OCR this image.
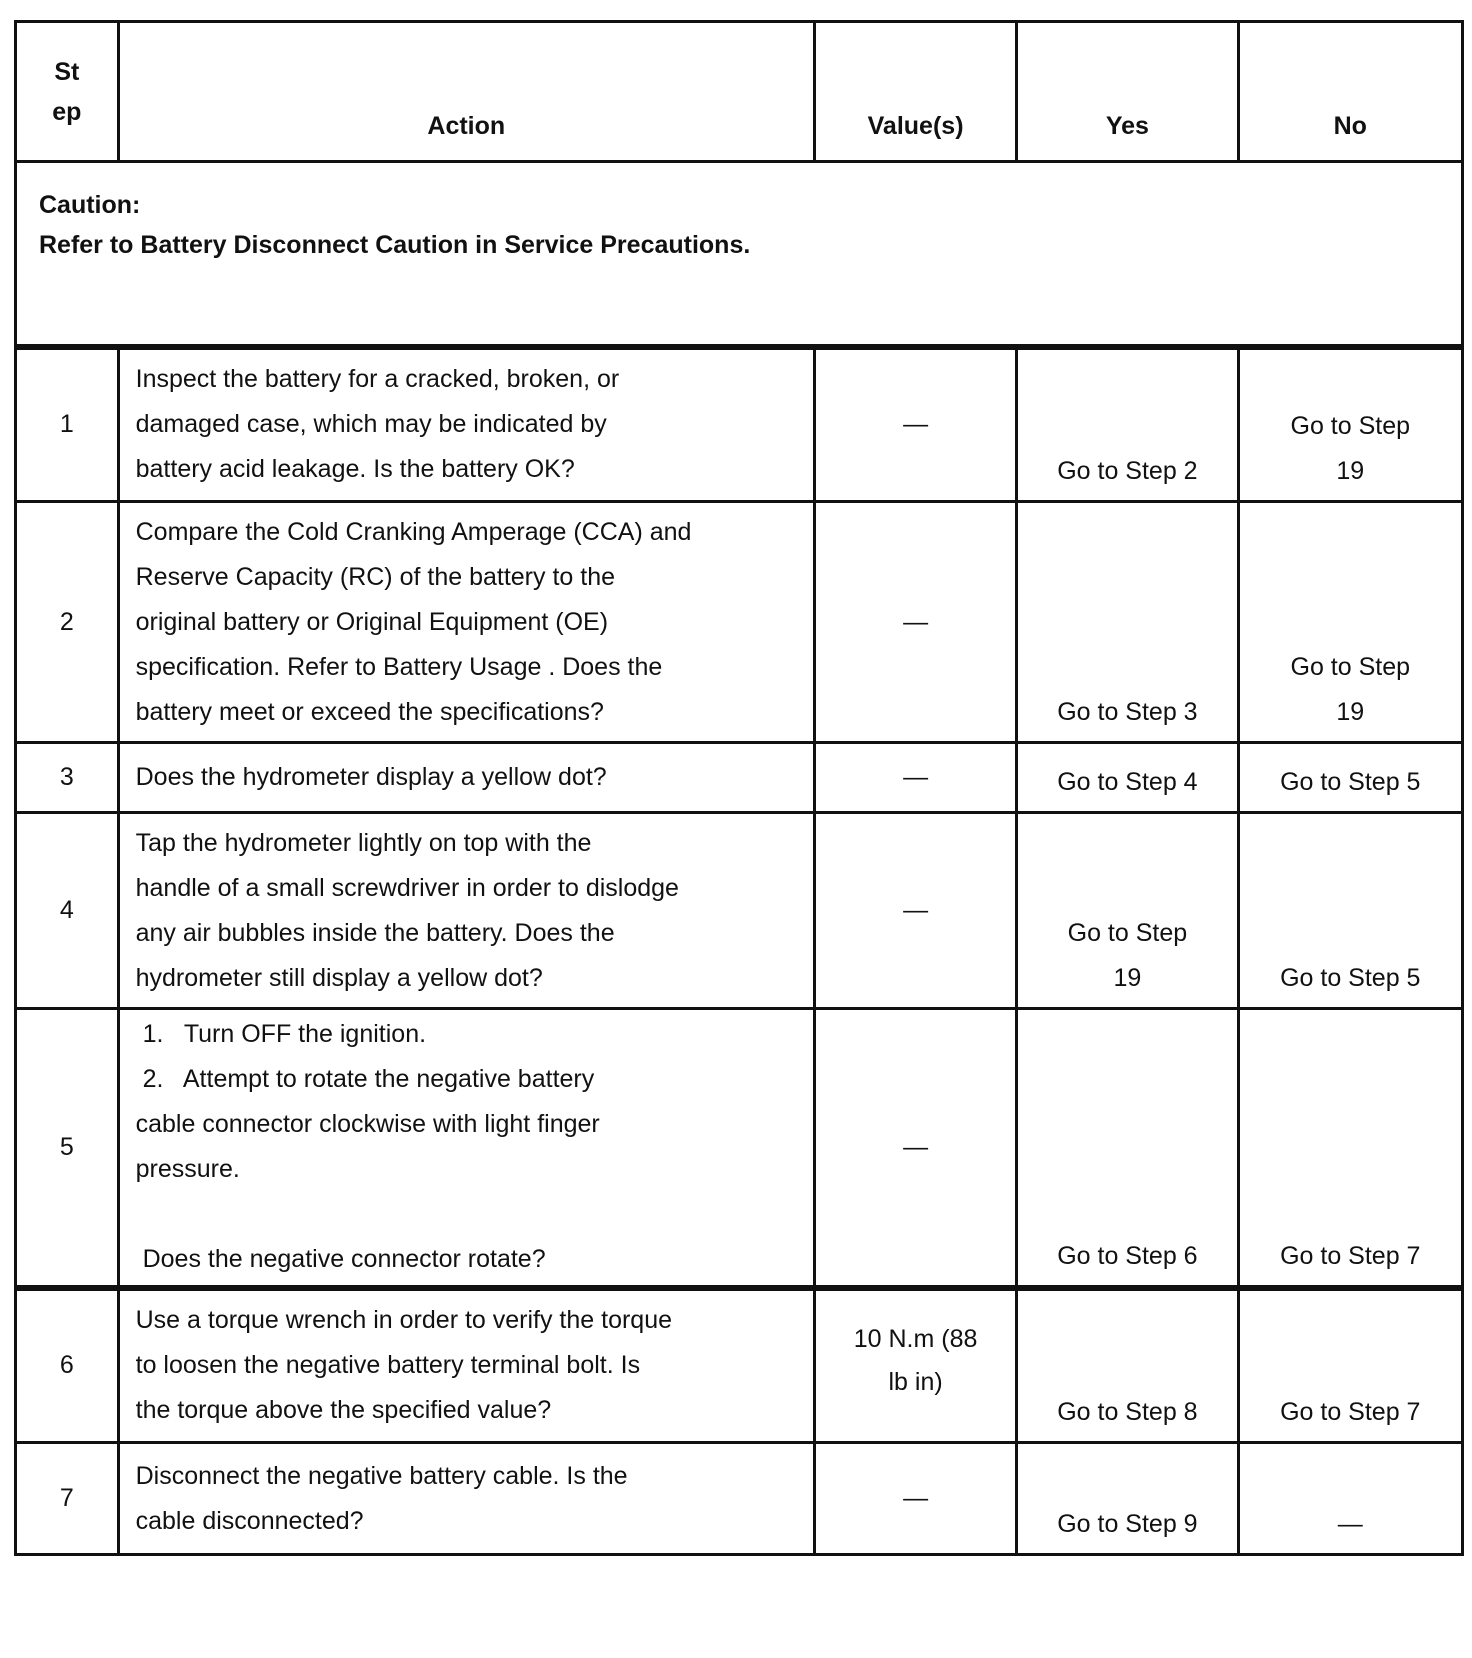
St
ep	Action	Value(s)	Yes	No

Caution:
Refer to Battery Disconnect Caution in Service Precautions.				

1	Inspect the battery for a cracked, broken, or
damaged case, which may be indicated by
battery acid leakage. Is the battery OK?	—	Go to Step 2	Go to Step
19
2	Compare the Cold Cranking Amperage (CCA) and
Reserve Capacity (RC) of the battery to the
original battery or Original Equipment (OE)
specification. Refer to Battery Usage . Does the
battery meet or exceed the specifications?	—	Go to Step 3	Go to Step
19
3	Does the hydrometer display a yellow dot?	—	Go to Step 4	Go to Step 5
4	Tap the hydrometer lightly on top with the
handle of a small screwdriver in order to dislodge
any air bubbles inside the battery. Does the
hydrometer still display a yellow dot?	—	Go to Step
19	Go to Step 5
5	1.   Turn OFF the ignition.
2.   Attempt to rotate the negative battery
cable connector clockwise with light finger
pressure.

Does the negative connector rotate?	—	Go to Step 6	Go to Step 7
6	Use a torque wrench in order to verify the torque
to loosen the negative battery terminal bolt. Is
the torque above the specified value?	10 N.m (88
lb in)	Go to Step 8	Go to Step 7
7	Disconnect the negative battery cable. Is the
cable disconnected?	—	Go to Step 9	—
